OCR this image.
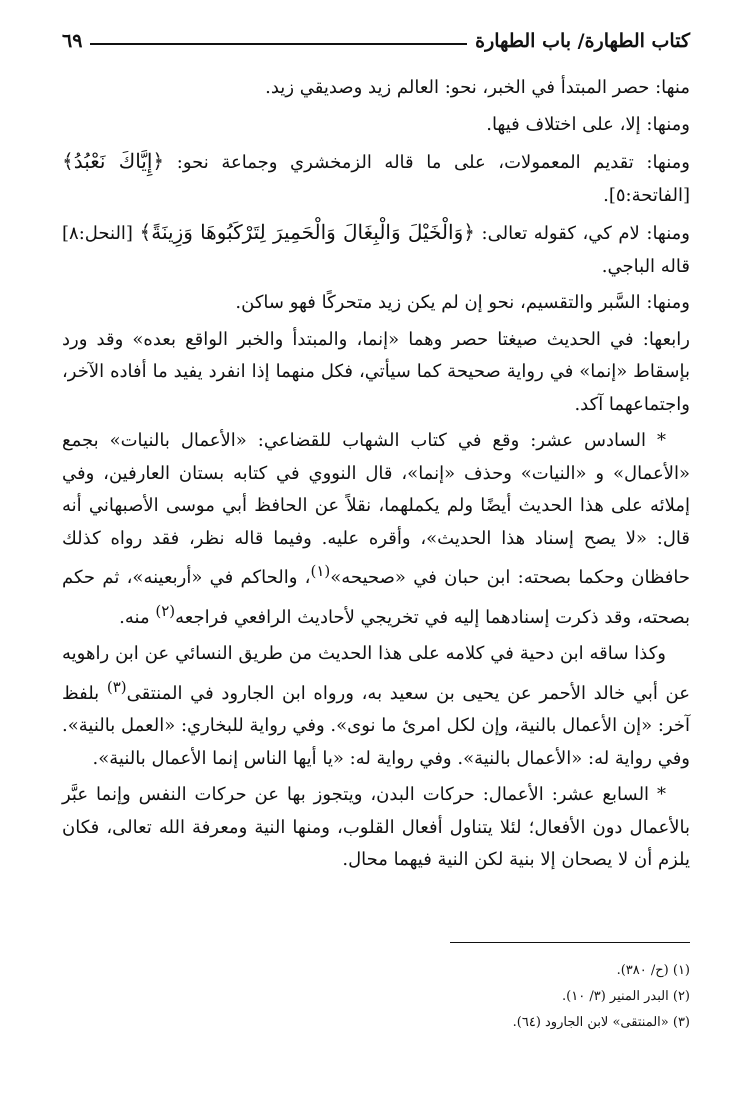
كتاب الطهارة/ باب الطهارة
٦٩

منها: حصر المبتدأ في الخبر، نحو: العالم زيد وصديقي زيد.

ومنها: إلا، على اختلاف فيها.

ومنها: تقديم المعمولات، على ما قاله الزمخشري وجماعة نحو: ﴿إِيَّاكَ نَعْبُدُ﴾ [الفاتحة:٥].

ومنها: لام كي، كقوله تعالى: ﴿وَالْخَيْلَ وَالْبِغَالَ وَالْحَمِيرَ لِتَرْكَبُوهَا وَزِينَةً﴾ [النحل:٨] قاله الباجي.

ومنها: السَّبر والتقسيم، نحو إن لم يكن زيد متحركًا فهو ساكن.

رابعها: في الحديث صيغتا حصر وهما «إنما، والمبتدأ والخبر الواقع بعده» وقد ورد بإسقاط «إنما» في رواية صحيحة كما سيأتي، فكل منهما إذا انفرد يفيد ما أفاده الآخر، واجتماعهما آكد.

* السادس عشر: وقع في كتاب الشهاب للقضاعي: «الأعمال بالنيات» بجمع «الأعمال» و «النيات» وحذف «إنما»، قال النووي في كتابه بستان العارفين، وفي إملائه على هذا الحديث أيضًا ولم يكملهما، نقلاً عن الحافظ أبي موسى الأصبهاني أنه قال: «لا يصح إسناد هذا الحديث»، وأقره عليه. وفيما قاله نظر، فقد رواه كذلك حافظان وحكما بصحته: ابن حبان في «صحيحه»$^{(١)}$، والحاكم في «أربعينه»، ثم حكم بصحته، وقد ذكرت إسنادهما إليه في تخريجي لأحاديث الرافعي فراجعه$^{(٢)}$ منه.

وكذا ساقه ابن دحية في كلامه على هذا الحديث من طريق النسائي عن ابن راهويه عن أبي خالد الأحمر عن يحيى بن سعيد به، ورواه ابن الجارود في المنتقى$^{(٣)}$ بلفظ آخر: «إن الأعمال بالنية، وإن لكل امرئ ما نوى». وفي رواية للبخاري: «العمل بالنية». وفي رواية له: «الأعمال بالنية». وفي رواية له: «يا أيها الناس إنما الأعمال بالنية».

* السابع عشر: الأعمال: حركات البدن، ويتجوز بها عن حركات النفس وإنما عبَّر بالأعمال دون الأفعال؛ لئلا يتناول أفعال القلوب، ومنها النية ومعرفة الله تعالى، فكان يلزم أن لا يصحان إلا بنية لكن النية فيهما محال.

(١) (ح/ ٣٨٠).
(٢) البدر المنير (٣/ ١٠).
(٣) «المنتقى» لابن الجارود (٦٤).
